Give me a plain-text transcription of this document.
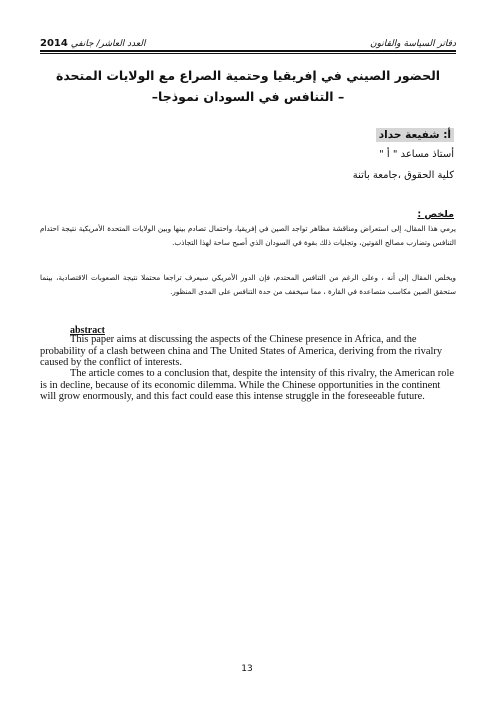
العدد العاشر/ جانفي 2014	دفاتر السياسة والقانون
الحضور الصيني في إفريقيا وحتمية الصراع مع الولايات المتحدة
– التنافس في السودان نموذجا–
أ: شفيعة حداد
أستاذ مساعد " أ "
كلية الحقوق ،جامعة باتنة
ملخص :
يرمي هذا المقال، إلى استعراض ومناقشة مظاهر تواجد الصين في إفريقيا، واحتمال تصادم بينها وبين الولايات المتحدة الأمريكية نتيجة احتدام التنافس وتضارب مصالح القوتين، وتجليات ذلك بقوة في السودان الذي أصبح ساحة لهذا التجاذب.
ويخلص المقال إلى أنه ، وعلى الرغم من التنافس المحتدم، فإن الدور الأمريكي سيعرف تراجعا محتملا نتيجة الصعوبات الاقتصادية، بينما ستحقق الصين مكاسب متصاعدة في القارة ، مما سيخفف من حدة التنافس على المدى المنظور.
abstract
This paper aims at discussing the aspects of the Chinese presence in Africa, and the probability of a clash between china and The United States of America, deriving from the rivalry caused by the conflict of interests.
The article comes to a conclusion that, despite the intensity of this rivalry, the American role is in decline, because of its economic dilemma. While the Chinese opportunities in the continent will grow enormously, and this fact could ease this intense struggle in the foreseeable future.
13
